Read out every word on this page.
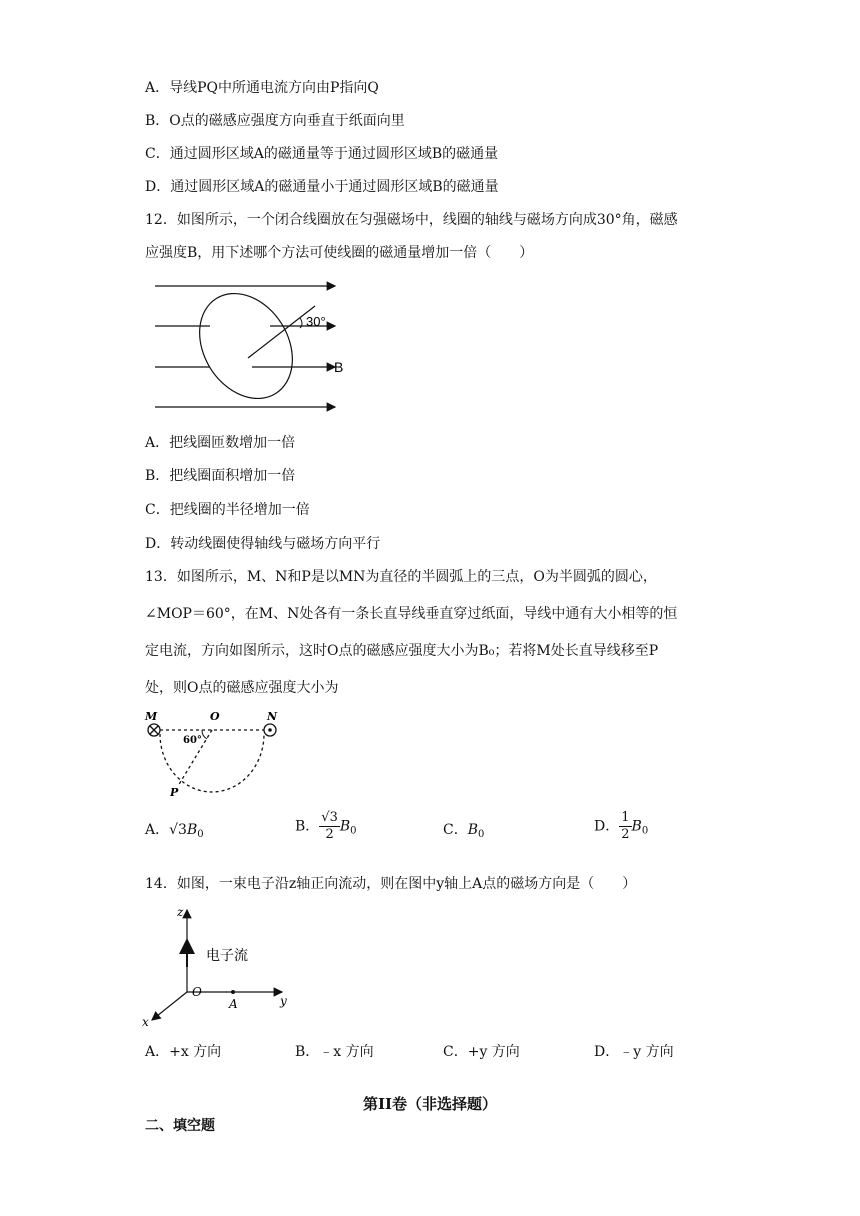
A．导线PQ中所通电流方向由P指向Q
B．O点的磁感应强度方向垂直于纸面向里
C．通过圆形区域A的磁通量等于通过圆形区域B的磁通量
D．通过圆形区域A的磁通量小于通过圆形区域B的磁通量
12．如图所示，一个闭合线圈放在匀强磁场中，线圈的轴线与磁场方向成30°角，磁感
应强度B，用下述哪个方法可使线圈的磁通量增加一倍（　　）
30°
B
A．把线圈匝数增加一倍
B．把线圈面积增加一倍
C．把线圈的半径增加一倍
D．转动线圈使得轴线与磁场方向平行
13．如图所示，M、N和P是以MN为直径的半圆弧上的三点，O为半圆弧的圆心，
∠MOP＝60°，在M、N处各有一条长直导线垂直穿过纸面，导线中通有大小相等的恒
定电流，方向如图所示，这时O点的磁感应强度大小为B₀；若将M处长直导线移至P
处，则O点的磁感应强度大小为
M	O	N
60°
P
A．$√3B_0$	B． $\frac{√3}{2} B_0$	C．$B_0$	D． $\frac{1}{2} B_0$
14．如图，一束电子沿z轴正向流动，则在图中y轴上A点的磁场方向是（　　）
z
y
x
O
A
电子流
A．+x 方向	B．﹣x 方向	C．+y 方向	D．﹣y 方向
第II卷（非选择题）
二、填空题
